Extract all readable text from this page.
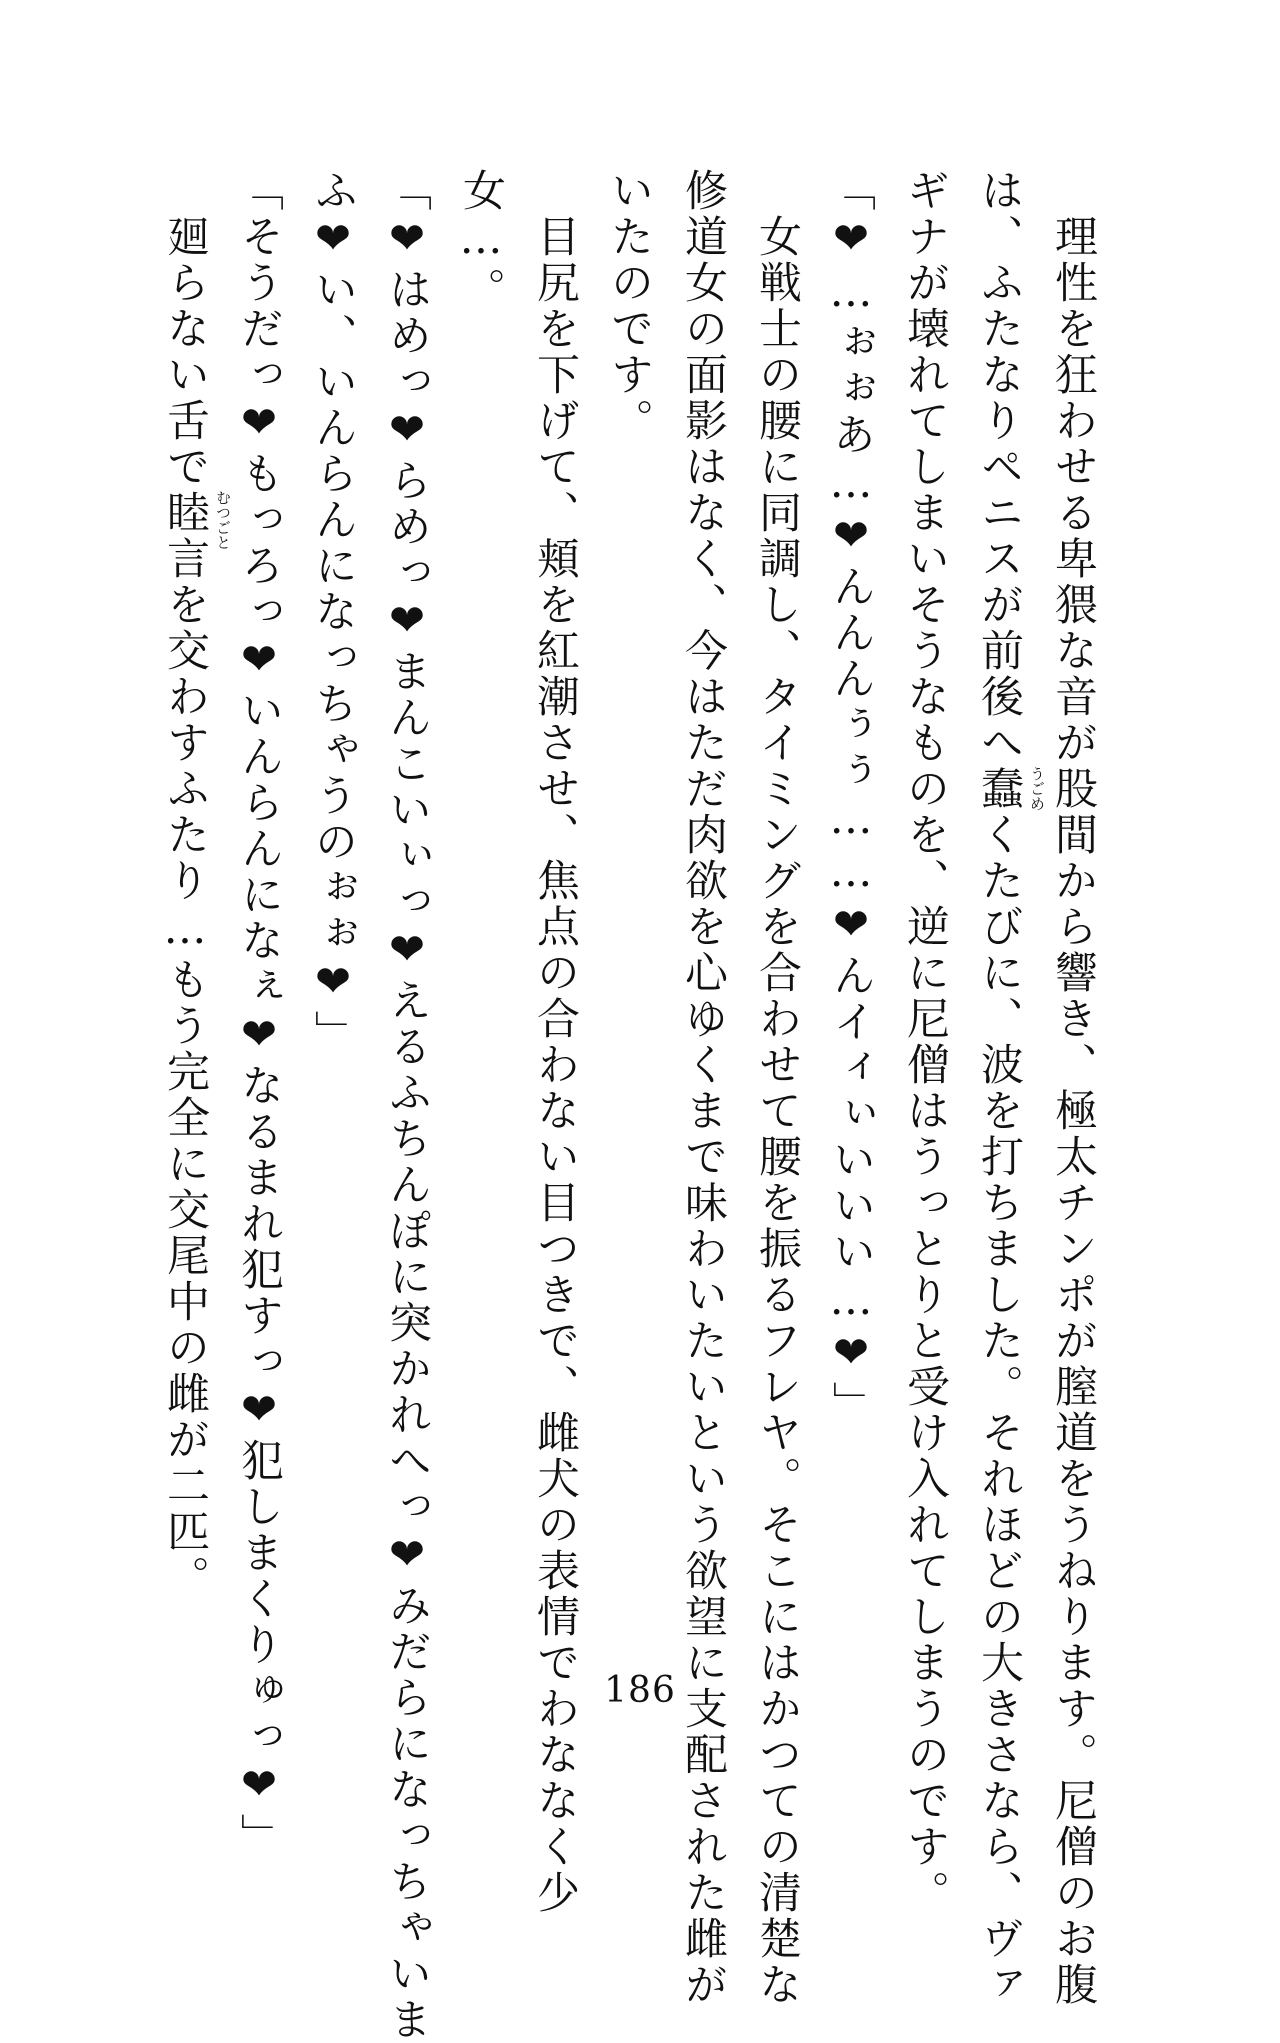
　理性を狂わせる卑猥な音が股間から響き、極太チンポが膣道をうねります。尼僧のお腹
は、ふたなりペニスが前後へ蠢 うごめ
くたびに、波を打ちました。それほどの大きさなら、ヴァ
ギナが壊れてしまいそうなものを、逆に尼僧はうっとりと受け入れてしまうのです。
「❤…ぉぉあ…❤んんんぅぅ……❤んイィぃいいい…❤」
　女戦士の腰に同調し、タイミングを合わせて腰を振るフレヤ。そこにはかつての清楚な
修道女の面影はなく、今はただ肉欲を心ゆくまで味わいたいという欲望に支配された雌が
いたのです。
　目尻を下げて、頬を紅潮させ、焦点の合わない目つきで、雌犬の表情でわななく少
女…。
「❤はめっ❤らめっ❤まんこいぃっ❤えるふちんぽに突かれへっ❤みだらになっちゃいま
ふ❤い、いんらんになっちゃうのぉぉ❤」
「そうだっ❤もっろっ❤いんらんになぇ❤なるまれ犯すっ❤犯しまくりゅっ❤」
　廻らない舌で睦言 むつごと
を交わすふたり…もう完全に交尾中の雌が二匹。
186
